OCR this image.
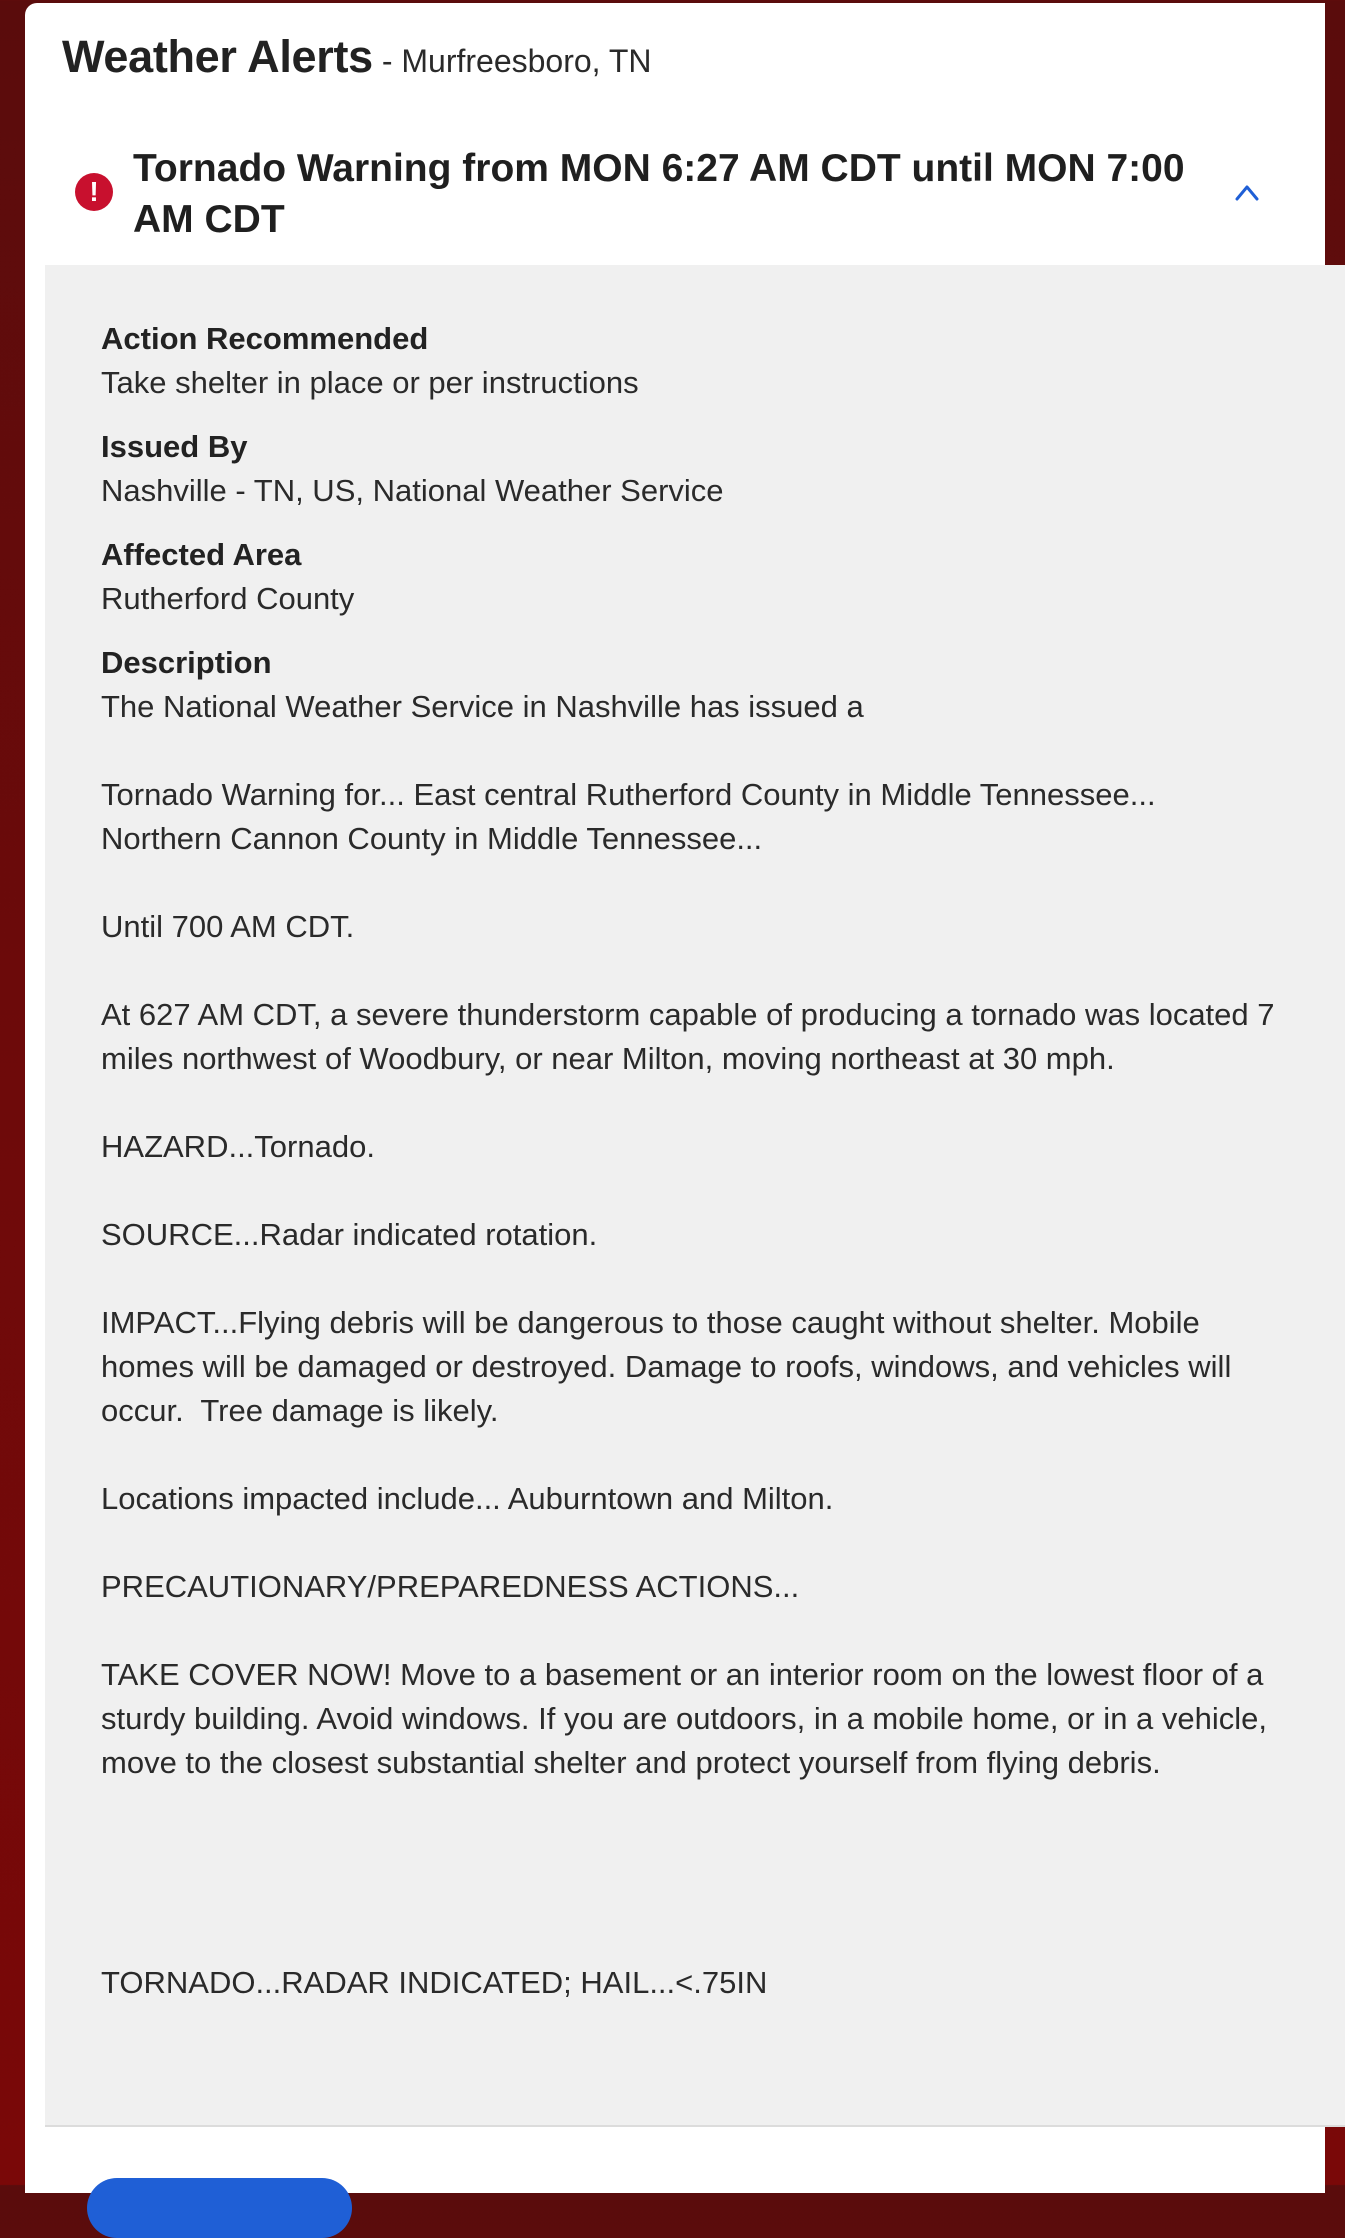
Weather Alerts - Murfreesboro, TN
!
Tornado Warning from MON 6:27 AM CDT until MON 7:00 AM CDT
Action Recommended
Take shelter in place or per instructions
Issued By
Nashville - TN, US, National Weather Service
Affected Area
Rutherford County
Description

The National Weather Service in Nashville has issued a

Tornado Warning for... East central Rutherford County in Middle Tennessee...
Northern Cannon County in Middle Tennessee...

Until 700 AM CDT.

At 627 AM CDT, a severe thunderstorm capable of producing a tornado was located 7 miles northwest of Woodbury, or near Milton, moving northeast at 30 mph.

HAZARD...Tornado.

SOURCE...Radar indicated rotation.

IMPACT...Flying debris will be dangerous to those caught without shelter. Mobile homes will be damaged or destroyed. Damage to roofs, windows, and vehicles will occur.  Tree damage is likely.

Locations impacted include... Auburntown and Milton.

PRECAUTIONARY/PREPAREDNESS ACTIONS...

TAKE COVER NOW! Move to a basement or an interior room on the lowest floor of a sturdy building. Avoid windows. If you are outdoors, in a mobile home, or in a vehicle, move to the closest substantial shelter and protect yourself from flying debris.

TORNADO...RADAR INDICATED; HAIL...<.75IN
